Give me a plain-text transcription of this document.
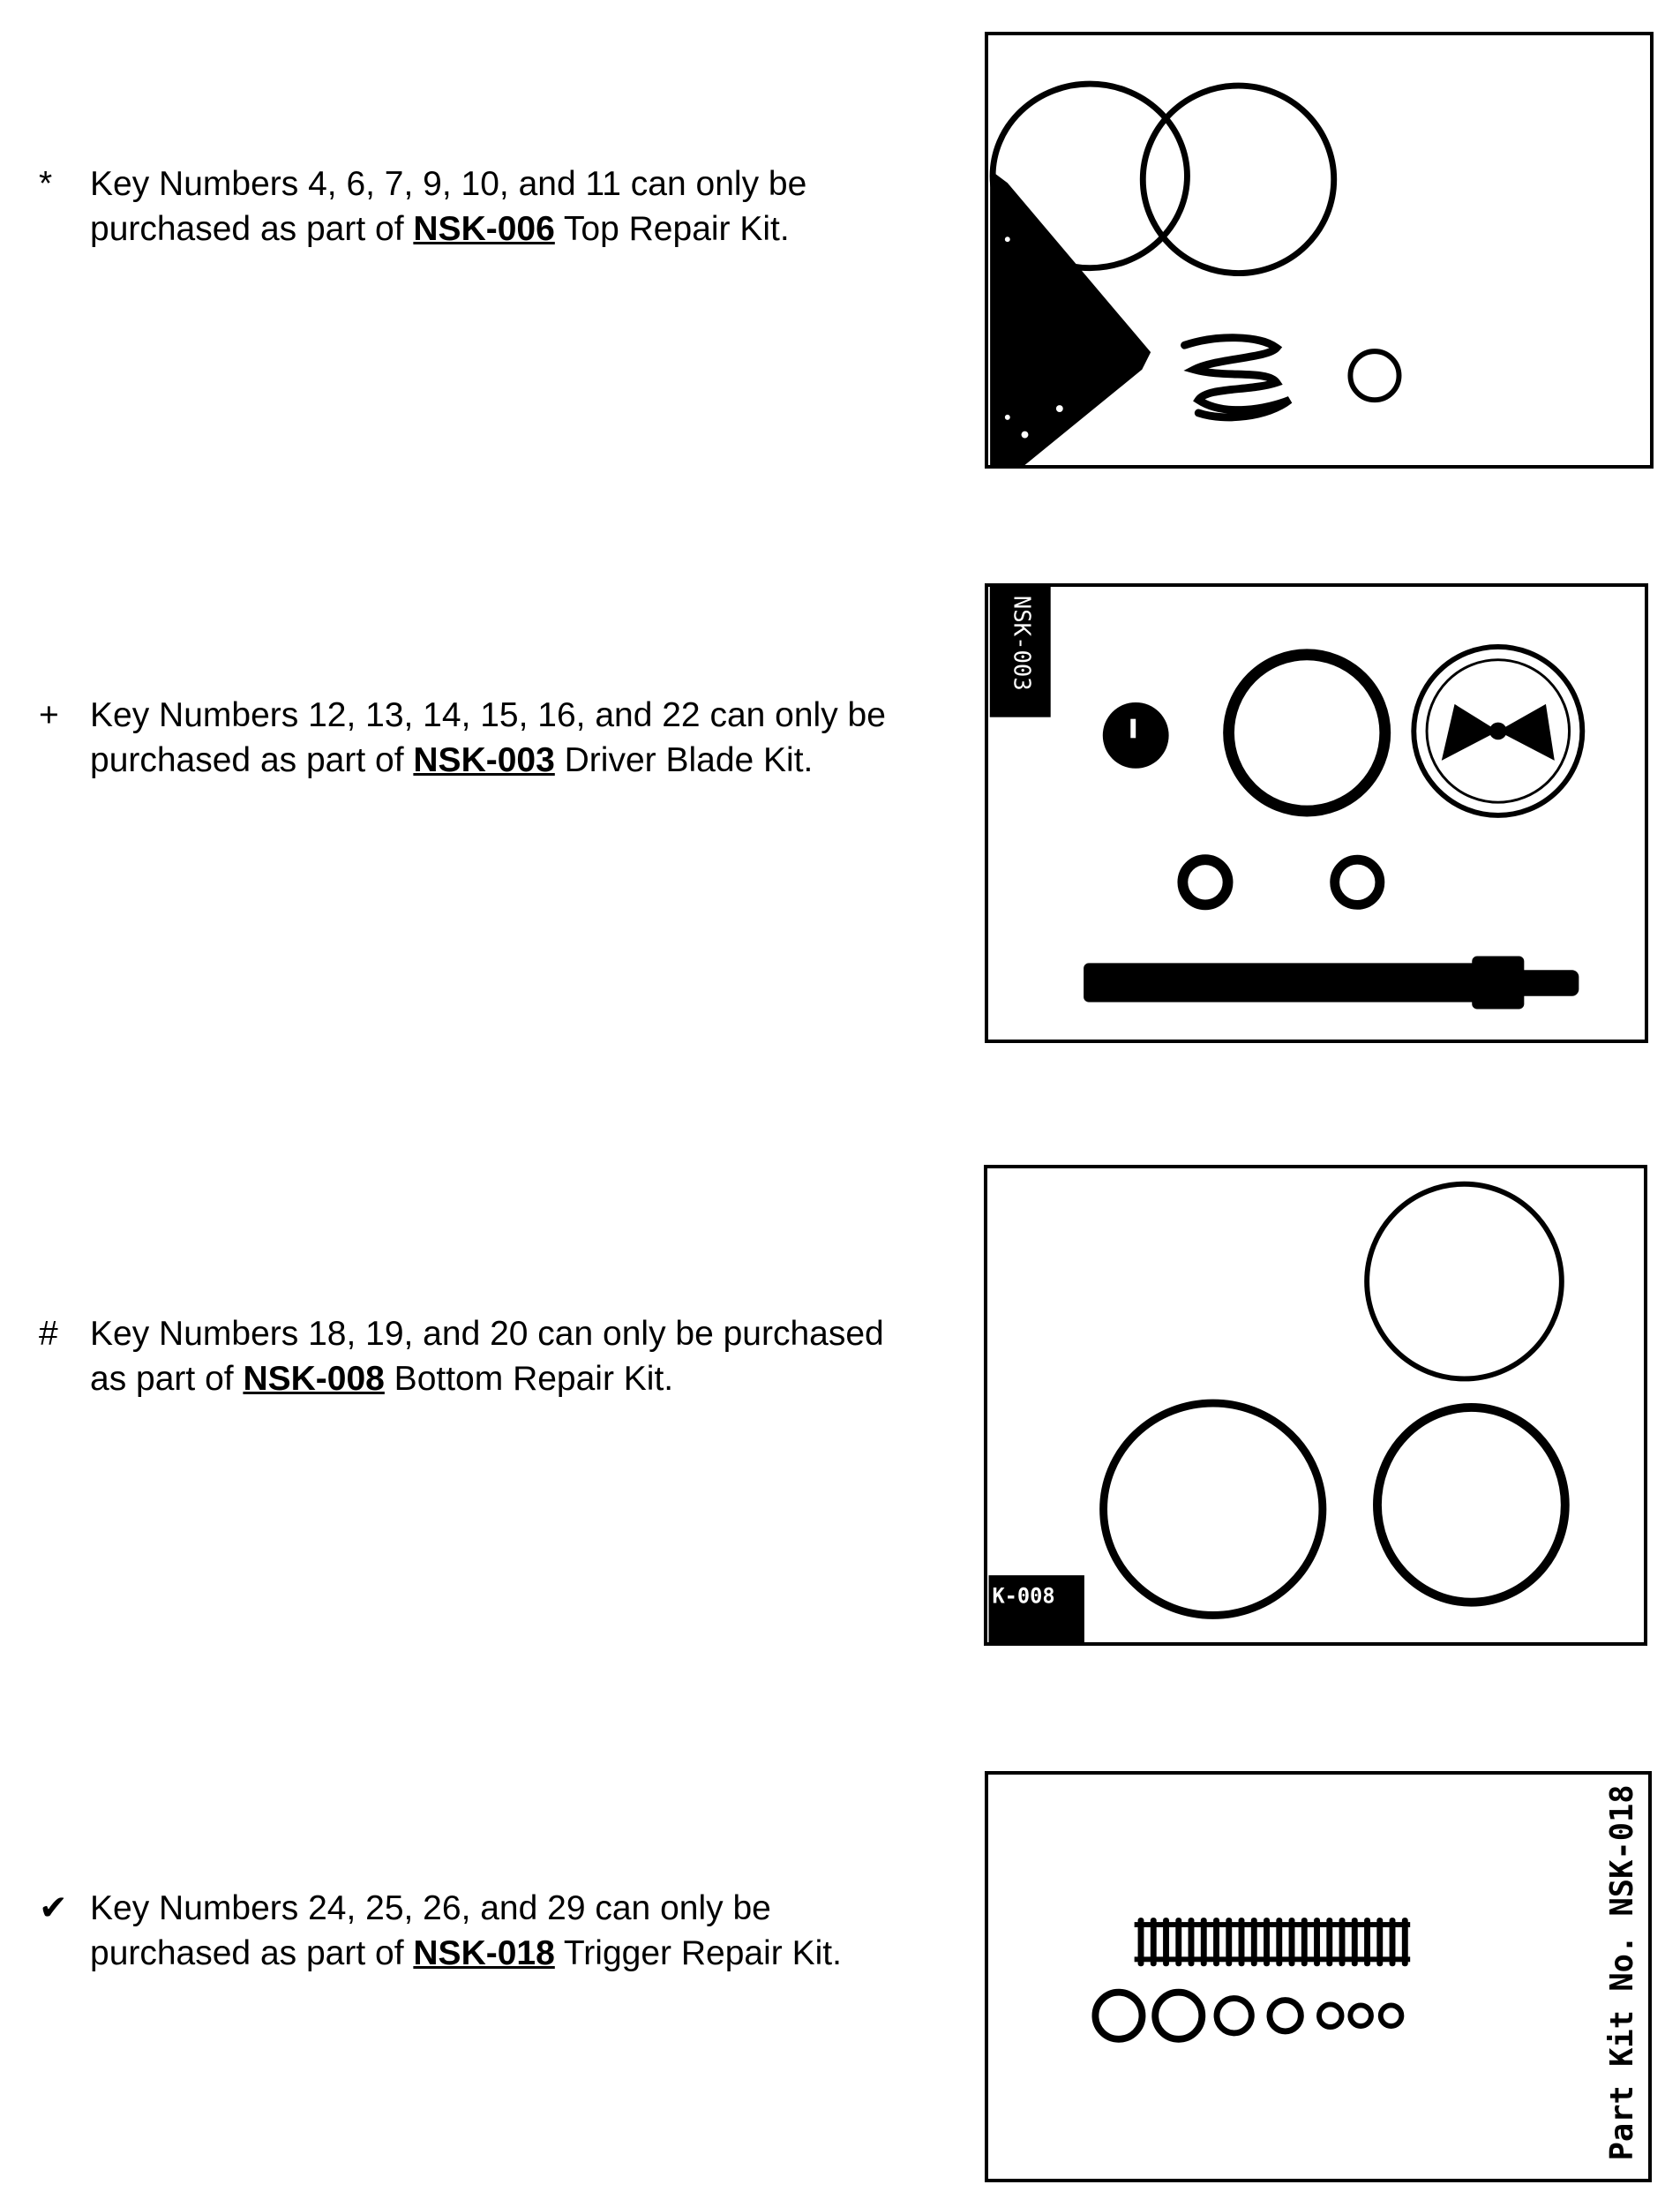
*	Key Numbers 4, 6, 7, 9, 10, and 11 can only be
purchased as part of NSK-006 Top Repair Kit.
+ Key Numbers 12, 13, 14, 15, 16, and 22 can only be
purchased as part of NSK-003 Driver Blade Kit.
# Key Numbers 18, 19, and 20 can only be purchased
as part of NSK-008 Bottom Repair Kit.
✔ Key Numbers 24, 25, 26, and 29 can only be
purchased as part of NSK-018 Trigger Repair Kit.
NSK-003
K-008
Part Kit No. NSK-018
